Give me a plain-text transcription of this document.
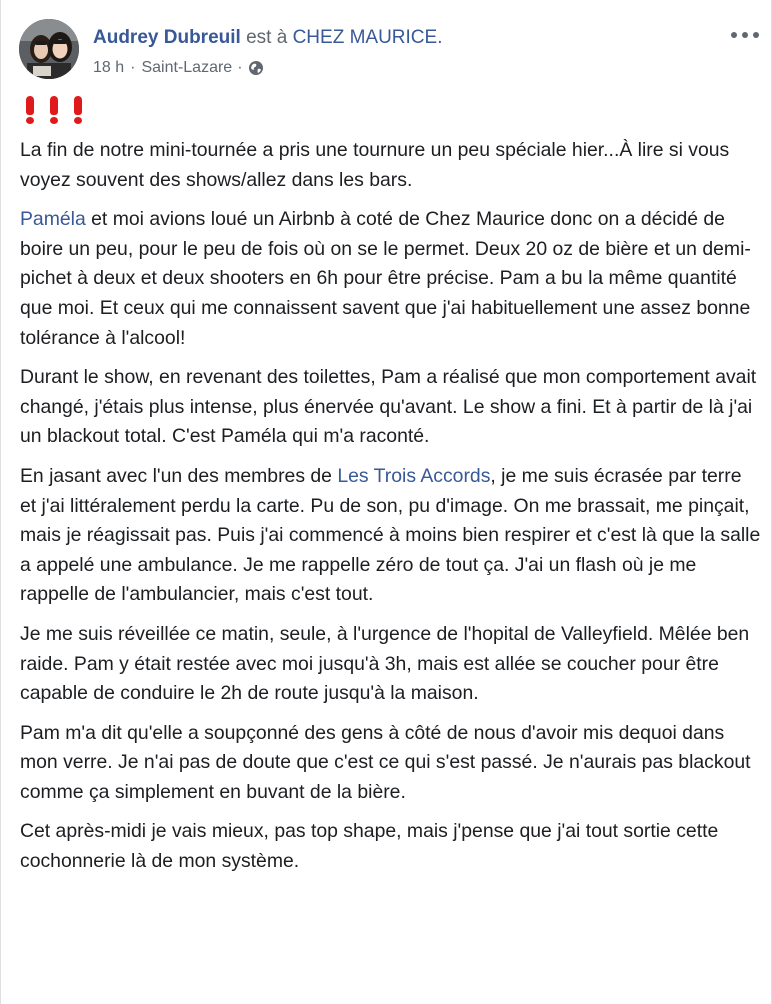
Audrey Dubreuil est à CHEZ MAURICE.
18 h · Saint-Lazare ·

La fin de notre mini-tournée a pris une tournure un peu spéciale hier...À lire si vous voyez souvent des shows/allez dans les bars.

Paméla et moi avions loué un Airbnb à coté de Chez Maurice donc on a décidé de boire un peu, pour le peu de fois où on se le permet. Deux 20 oz de bière et un demi-pichet à deux et deux shooters en 6h pour être précise. Pam a bu la même quantité que moi. Et ceux qui me connaissent savent que j'ai habituellement une assez bonne tolérance à l'alcool!

Durant le show, en revenant des toilettes, Pam a réalisé que mon comportement avait changé, j'étais plus intense, plus énervée qu'avant. Le show a fini. Et à partir de là j'ai un blackout total. C'est Paméla qui m'a raconté.

En jasant avec l'un des membres de Les Trois Accords, je me suis écrasée par terre et j'ai littéralement perdu la carte. Pu de son, pu d'image. On me brassait, me pinçait, mais je réagissait pas. Puis j'ai commencé à moins bien respirer et c'est là que la salle a appelé une ambulance. Je me rappelle zéro de tout ça. J'ai un flash où je me rappelle de l'ambulancier, mais c'est tout.

Je me suis réveillée ce matin, seule, à l'urgence de l'hopital de Valleyfield. Mêlée ben raide. Pam y était restée avec moi jusqu'à 3h, mais est allée se coucher pour être capable de conduire le 2h de route jusqu'à la maison.

Pam m'a dit qu'elle a soupçonné des gens à côté de nous d'avoir mis dequoi dans mon verre. Je n'ai pas de doute que c'est ce qui s'est passé. Je n'aurais pas blackout comme ça simplement en buvant de la bière.

Cet après-midi je vais mieux, pas top shape, mais j'pense que j'ai tout sortie cette cochonnerie là de mon système.
